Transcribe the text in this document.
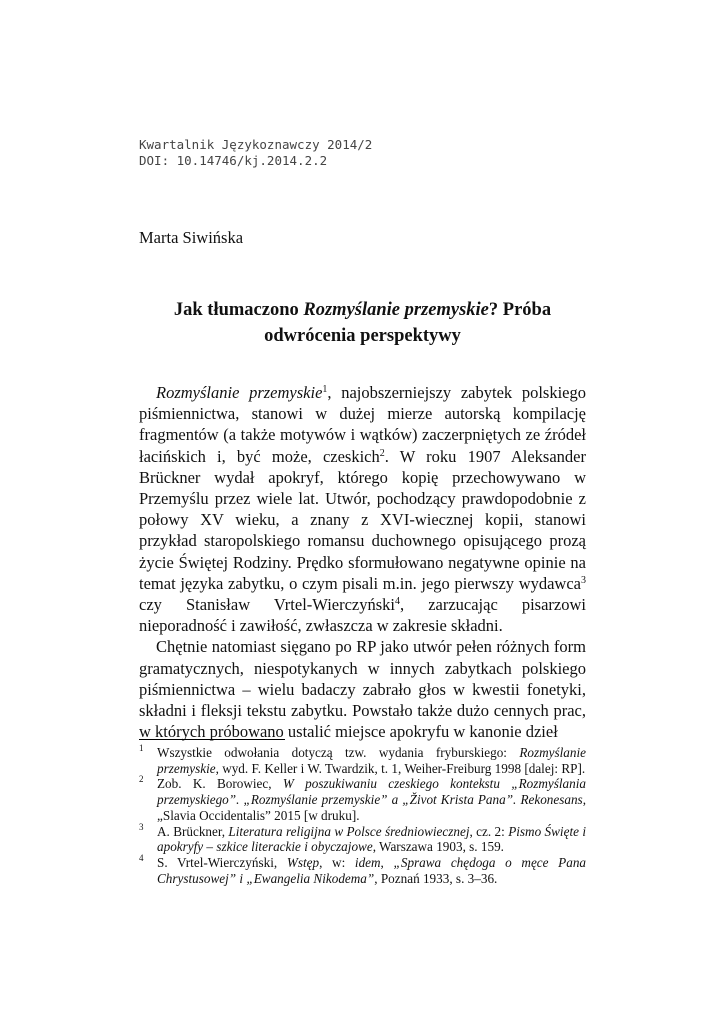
Kwartalnik Językoznawczy 2014/2
DOI: 10.14746/kj.2014.2.2
Marta Siwińska
Jak tłumaczono Rozmyślanie przemyskie? Próba odwrócenia perspektywy

Rozmyślanie przemyskie$^1$, najobszerniejszy zabytek polskiego piśmiennictwa, stanowi w dużej mierze autorską kompilację fragmentów (a także motywów i wątków) zaczerpniętych ze źródeł łacińskich i, być może, czeskich$^2$. W roku 1907 Aleksander Brückner wydał apokryf, którego kopię przechowywano w Przemyślu przez wiele lat. Utwór, pochodzący prawdopodobnie z połowy XV wieku, a znany z XVI-wiecznej kopii, stanowi przykład staropolskiego romansu duchownego opisującego prozą życie Świętej Rodziny. Prędko sformułowano negatywne opinie na temat języka zabytku, o czym pisali m.in. jego pierwszy wydawca$^3$ czy Stanisław Vrtel-Wierczyński$^4$, zarzucając pisarzowi nieporadność i zawiłość, zwłaszcza w zakresie składni.

Chętnie natomiast sięgano po RP jako utwór pełen różnych form gramatycznych, niespotykanych w innych zabytkach polskiego piśmiennictwa – wielu badaczy zabrało głos w kwestii fonetyki, składni i fleksji tekstu zabytku. Powstało także dużo cennych prac, w których próbowano ustalić miejsce apokryfu w kanonie dzieł

1 Wszystkie odwołania dotyczą tzw. wydania fryburskiego: Rozmyślanie przemyskie, wyd. F. Keller i W. Twardzik, t. 1, Weiher-Freiburg 1998 [dalej: RP].
2 Zob. K. Borowiec, W poszukiwaniu czeskiego kontekstu „Rozmyślania przemyskiego”. „Rozmyślanie przemyskie” a „Život Krista Pana”. Rekonesans, „Slavia Occidentalis” 2015 [w druku].
3 A. Brückner, Literatura religijna w Polsce średniowiecznej, cz. 2: Pismo Święte i apokryfy – szkice literackie i obyczajowe, Warszawa 1903, s. 159.
4 S. Vrtel-Wierczyński, Wstęp, w: idem, „Sprawa chędoga o męce Pana Chrystusowej” i „Ewangelia Nikodema”, Poznań 1933, s. 3–36.
